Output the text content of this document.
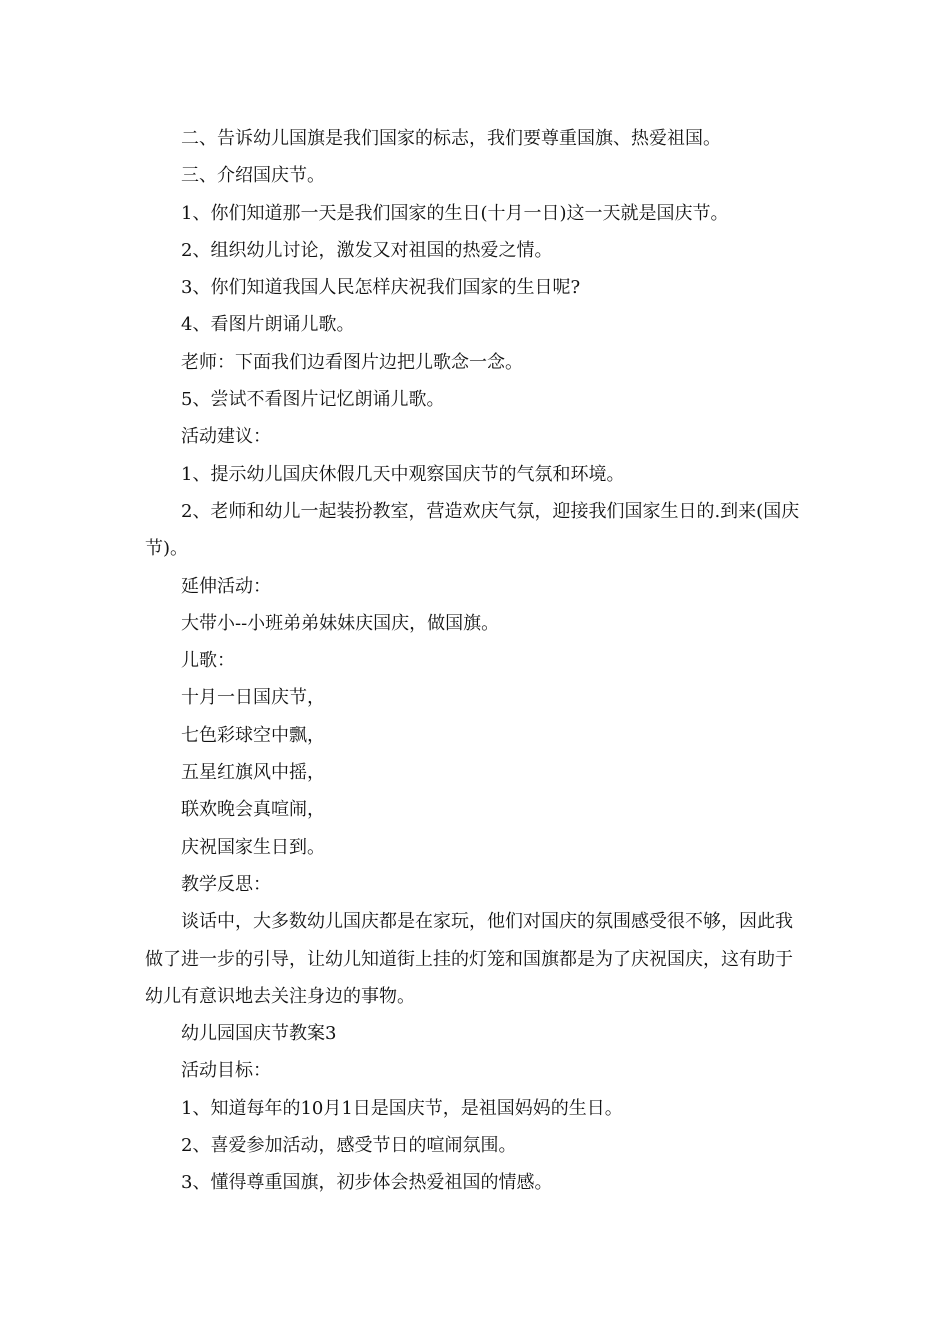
二、告诉幼儿国旗是我们国家的标志，我们要尊重国旗、热爱祖国。

三、介绍国庆节。

1、你们知道那一天是我们国家的生日(十月一日)这一天就是国庆节。

2、组织幼儿讨论，激发又对祖国的热爱之情。

3、你们知道我国人民怎样庆祝我们国家的生日呢?

4、看图片朗诵儿歌。

老师：下面我们边看图片边把儿歌念一念。

5、尝试不看图片记忆朗诵儿歌。

活动建议：

1、提示幼儿国庆休假几天中观察国庆节的气氛和环境。

2、老师和幼儿一起装扮教室，营造欢庆气氛，迎接我们国家生日的.到来(国庆节)。

延伸活动：

大带小--小班弟弟妹妹庆国庆，做国旗。

儿歌：

十月一日国庆节，

七色彩球空中飘，

五星红旗风中摇，

联欢晚会真喧闹，

庆祝国家生日到。

教学反思：

谈话中，大多数幼儿国庆都是在家玩，他们对国庆的氛围感受很不够，因此我做了进一步的引导，让幼儿知道街上挂的灯笼和国旗都是为了庆祝国庆，这有助于幼儿有意识地去关注身边的事物。

幼儿园国庆节教案3

活动目标：

1、知道每年的10月1日是国庆节，是祖国妈妈的生日。

2、喜爱参加活动，感受节日的喧闹氛围。

3、懂得尊重国旗，初步体会热爱祖国的情感。
